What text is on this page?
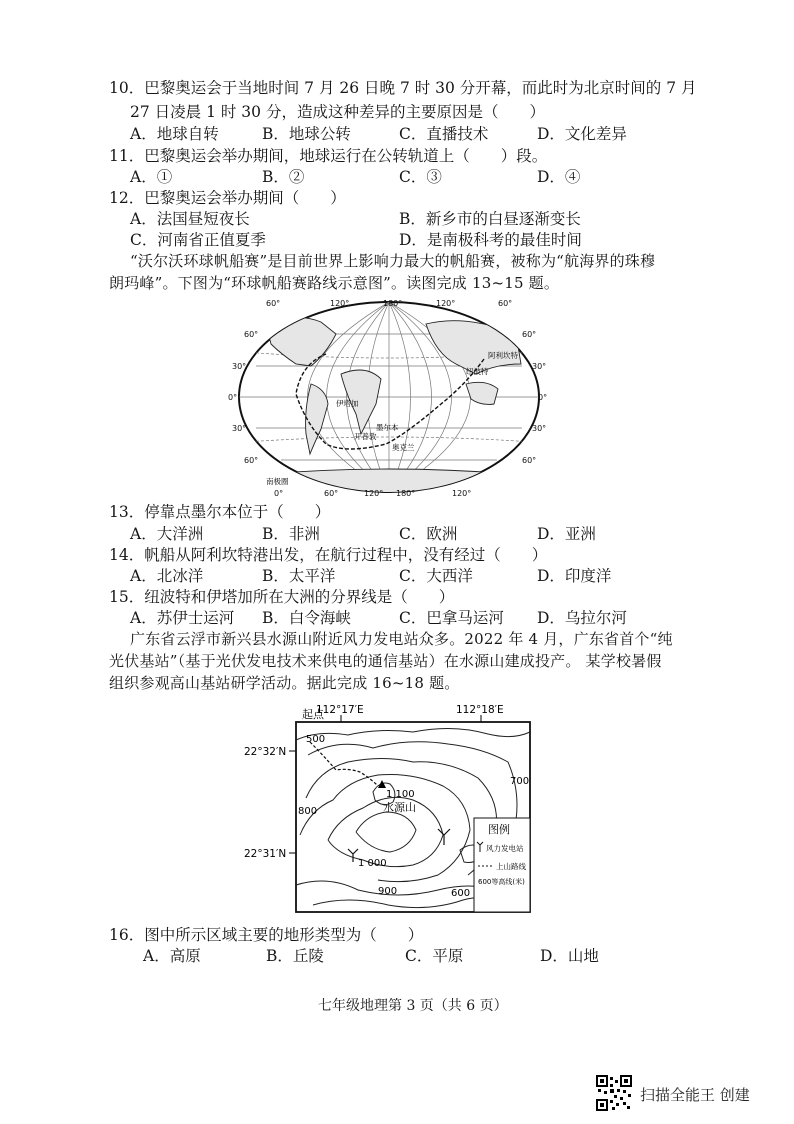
10．巴黎奥运会于当地时间 7 月 26 日晚 7 时 30 分开幕，而此时为北京时间的 7 月
27 日凌晨 1 时 30 分，造成这种差异的主要原因是（　　）
A．地球自转	B．地球公转	C．直播技术	D．文化差异
11．巴黎奥运会举办期间，地球运行在公转轨道上（　　）段。
A．①	B．②	C．③	D．④
12．巴黎奥运会举办期间（　　）
A．法国昼短夜长	B．新乡市的白昼逐渐变长
C．河南省正值夏季	D．是南极科考的最佳时间
“沃尔沃环球帆船赛”是目前世界上影响力最大的帆船赛，被称为“航海界的珠穆
朗玛峰”。下图为“环球帆船赛路线示意图”。读图完成 13~15 题。
60°	120°	180°	120°	60°
0°	60°	120° 180°	120°
60°
30°
0°
30°
60°
60°
30°
0°
30°
60°
阿利坎特
伊塔加
开普敦
墨尔本
奥克兰
纽波特
南极圈
13．停靠点墨尔本位于（　　）
A．大洋洲	B．非洲	C．欧洲	D．亚洲
14．帆船从阿利坎特港出发，在航行过程中，没有经过（　　）
A．北冰洋	B．太平洋	C．大西洋	D．印度洋
15．纽波特和伊塔加所在大洲的分界线是（　　）
A．苏伊士运河 B．白令海峡	C．巴拿马运河 D．乌拉尔河
广东省云浮市新兴县水源山附近风力发电站众多。2022 年 4 月，广东省首个“纯
光伏基站”（基于光伏发电技术来供电的通信基站）在水源山建成投产。 某学校暑假
组织参观高山基站研学活动。据此完成 16~18 题。
112°17′E	112°18′E
22°32′N
22°31′N
起点
500
700
800
1 000
900	600
1 100
水源山
图例
风力发电站
上山路线
600等高线(米)
16．图中所示区域主要的地形类型为（　　）
A．高原	B．丘陵	C．平原	D．山地
七年级地理第 3 页（共 6 页）
扫描全能王 创建
